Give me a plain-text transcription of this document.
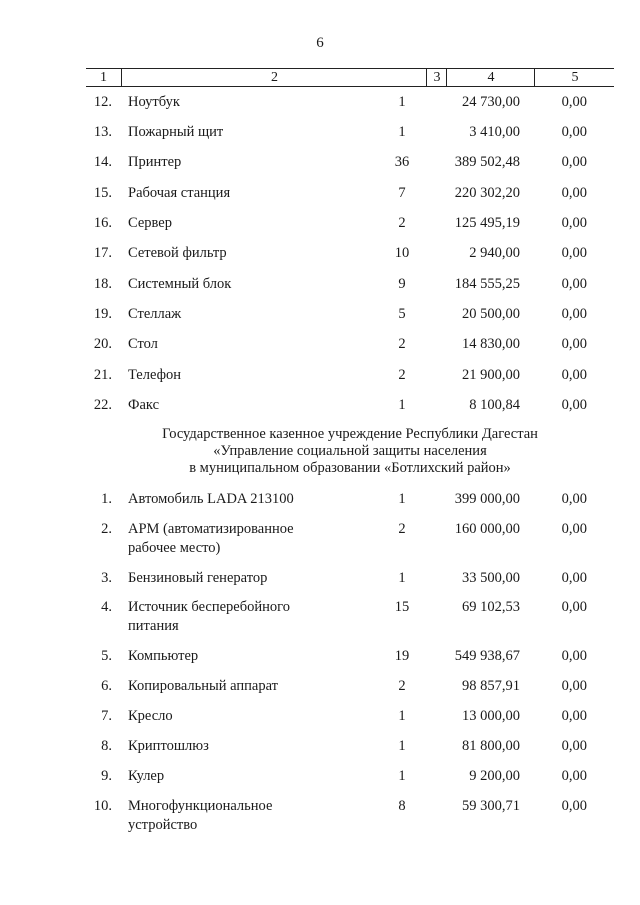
6
1	2	3	4	5
12. Ноутбук	1	24 730,00	0,00
13. Пожарный щит	1	3 410,00	0,00
14. Принтер	36	389 502,48	0,00
15. Рабочая станция	7	220 302,20	0,00
16. Сервер	2	125 495,19	0,00
17. Сетевой фильтр	10	2 940,00	0,00
18. Системный блок	9	184 555,25	0,00
19. Стеллаж	5	20 500,00	0,00
20. Стол	2	14 830,00	0,00
21. Телефон	2	21 900,00	0,00
22. Факс	1	8 100,84	0,00
Государственное казенное учреждение Республики Дагестан
«Управление социальной защиты населения
в муниципальном образовании «Ботлихский район»
1. Автомобиль LADA 213100	1	399 000,00	0,00
2. АРМ (автоматизированное	2	160 000,00	0,00
рабочее место)
3. Бензиновый генератор	1	33 500,00	0,00
4. Источник бесперебойного	15	69 102,53	0,00
питания
5. Компьютер	19	549 938,67	0,00
6. Копировальный аппарат	2	98 857,91	0,00
7. Кресло	1	13 000,00	0,00
8. Криптошлюз	1	81 800,00	0,00
9. Кулер	1	9 200,00	0,00
10. Многофункциональное	8	59 300,71	0,00
устройство
